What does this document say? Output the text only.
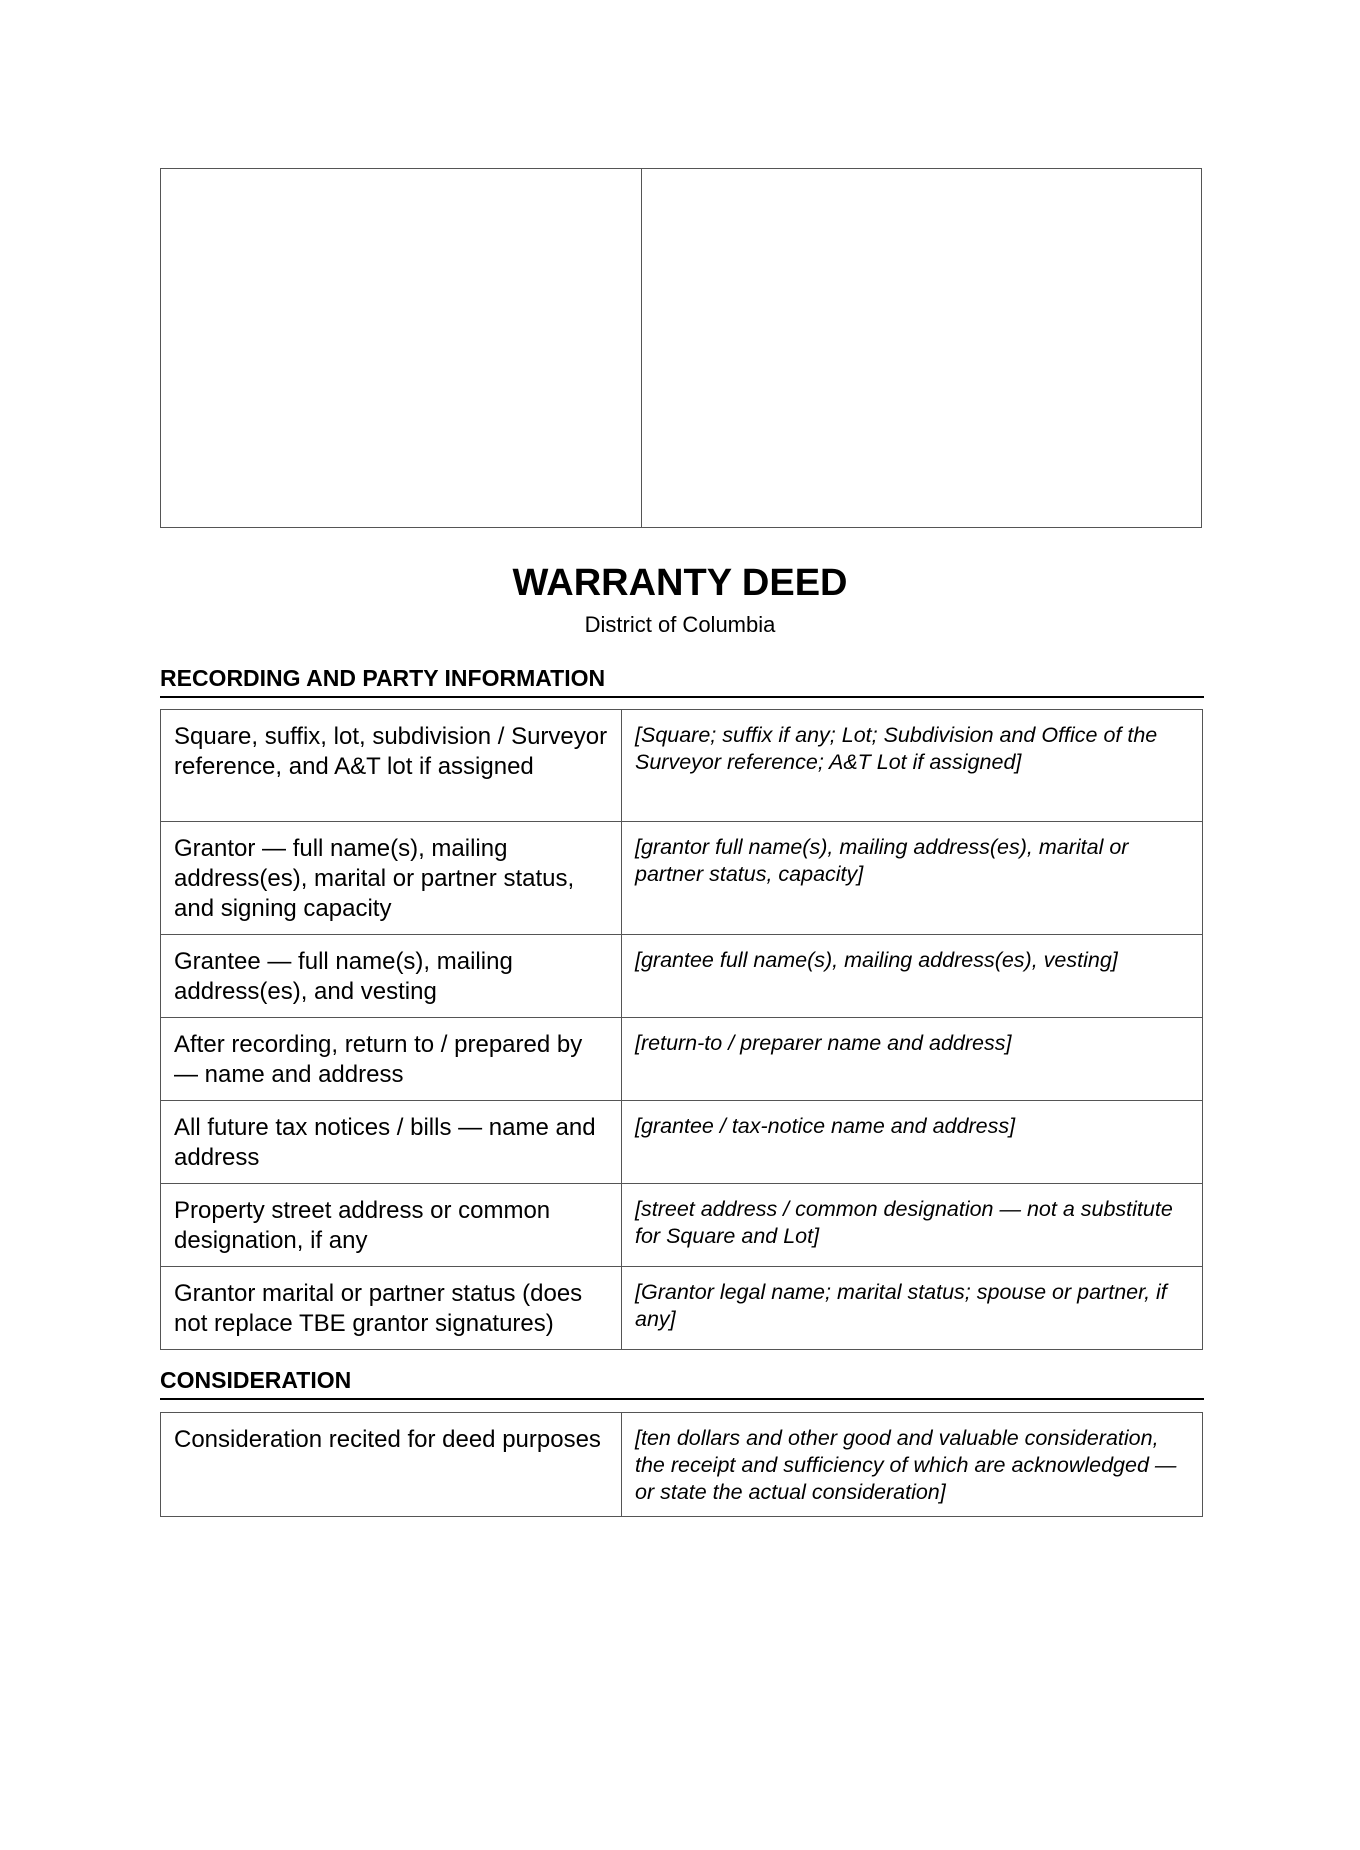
WARRANTY DEED
District of Columbia
RECORDING AND PARTY INFORMATION
Square, suffix, lot, subdivision / Surveyor reference, and A&T lot if assigned	[Square; suffix if any; Lot; Subdivision and Office of the Surveyor reference; A&T Lot if assigned]
Grantor — full name(s), mailing address(es), marital or partner status, and signing capacity	[grantor full name(s), mailing address(es), marital or partner status, capacity]
Grantee — full name(s), mailing address(es), and vesting	[grantee full name(s), mailing address(es), vesting]
After recording, return to / prepared by — name and address	[return-to / preparer name and address]
All future tax notices / bills — name and address	[grantee / tax-notice name and address]
Property street address or common designation, if any	[street address / common designation — not a substitute for Square and Lot]
Grantor marital or partner status (does not replace TBE grantor signatures)	[Grantor legal name; marital status; spouse or partner, if any]
CONSIDERATION
Consideration recited for deed purposes	[ten dollars and other good and valuable consideration, the receipt and sufficiency of which are acknowledged — or state the actual consideration]
